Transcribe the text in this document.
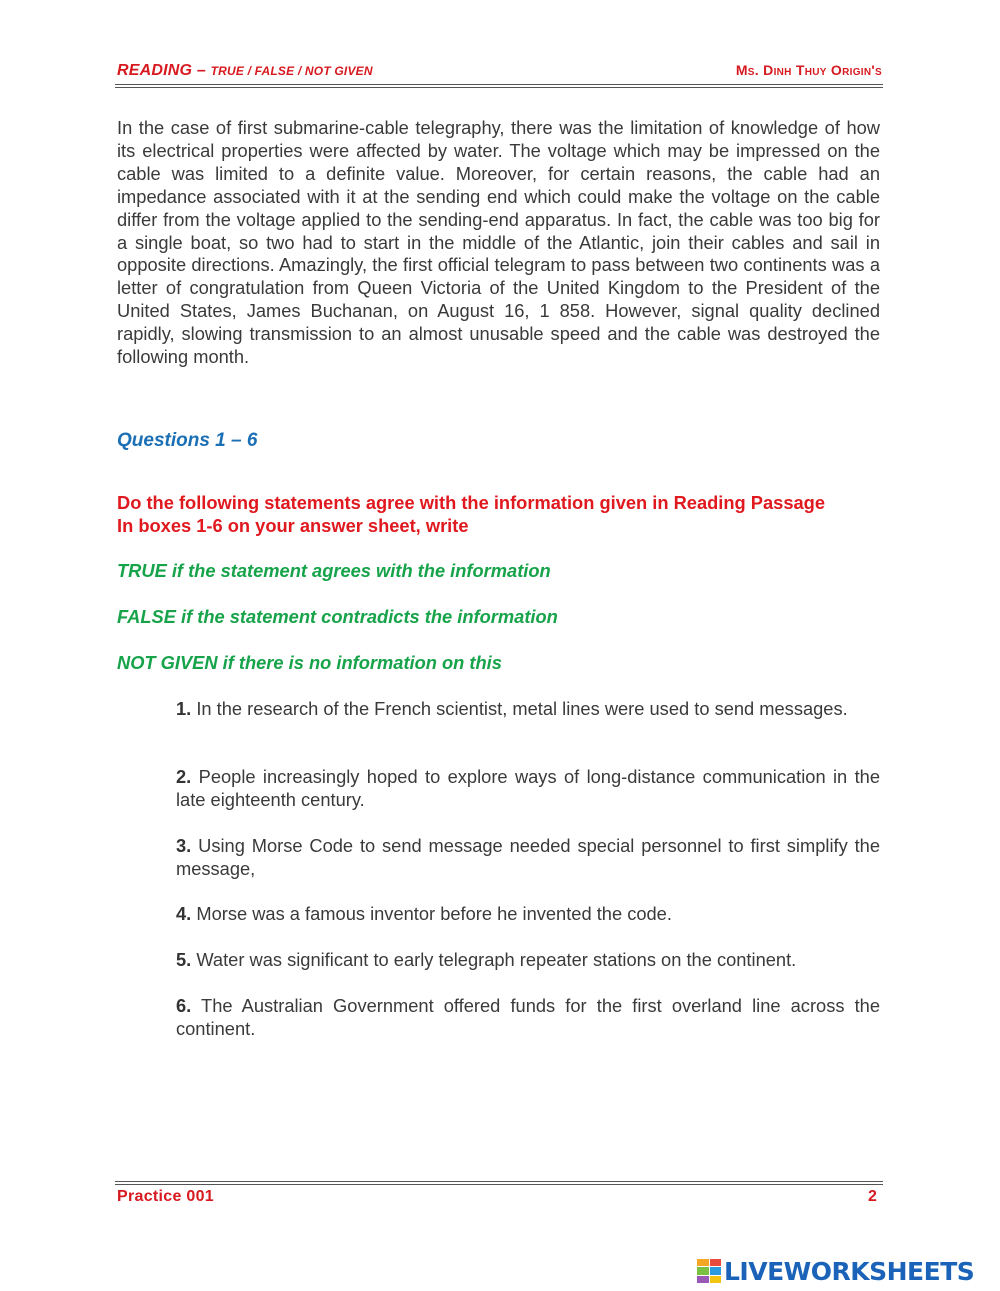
READING – TRUE / FALSE / NOT GIVEN	Ms. Dinh Thuy Origin's
In the case of first submarine-cable telegraphy, there was the limitation of knowledge of how its electrical properties were affected by water. The voltage which may be impressed on the cable was limited to a definite value. Moreover, for certain reasons, the cable had an impedance associated with it at the sending end which could make the voltage on the cable differ from the voltage applied to the sending-end apparatus. In fact, the cable was too big for a single boat, so two had to start in the middle of the Atlantic, join their cables and sail in opposite directions. Amazingly, the first official telegram to pass between two continents was a letter of congratulation from Queen Victoria of the United Kingdom to the President of the United States, James Buchanan, on August 16, 1 858. However, signal quality declined rapidly, slowing transmission to an almost unusable speed and the cable was destroyed the following month.
Questions 1 – 6
Do the following statements agree with the information given in Reading Passage
In boxes 1-6 on your answer sheet, write
TRUE if the statement agrees with the information
FALSE if the statement contradicts the information
NOT GIVEN if there is no information on this
1. In the research of the French scientist, metal lines were used to send messages.
2. People increasingly hoped to explore ways of long-distance communication in the late eighteenth century.
3. Using Morse Code to send message needed special personnel to first simplify the message,
4. Morse was a famous inventor before he invented the code.
5. Water was significant to early telegraph repeater stations on the continent.
6. The Australian Government offered funds for the first overland line across the continent.
Practice 001	2
LIVEWORKSHEETS
